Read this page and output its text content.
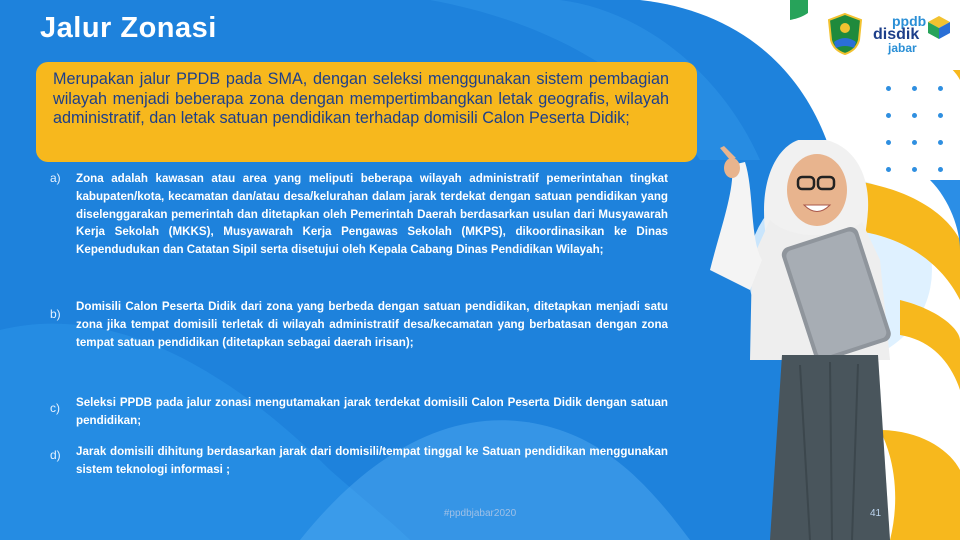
ppdb
disdik
jabar
Jalur Zonasi
Merupakan jalur PPDB pada SMA, dengan seleksi menggunakan sistem pembagian wilayah menjadi beberapa zona dengan mempertimbangkan letak geografis, wilayah administratif, dan letak satuan pendidikan terhadap domisili Calon Peserta Didik;
a) Zona adalah kawasan atau area yang meliputi beberapa wilayah administratif pemerintahan tingkat kabupaten/kota, kecamatan dan/atau desa/kelurahan dalam jarak terdekat dengan satuan pendidikan yang diselenggarakan pemerintah dan ditetapkan oleh Pemerintah Daerah berdasarkan usulan dari Musyawarah Kerja Sekolah (MKKS), Musyawarah Kerja Pengawas Sekolah (MKPS), dikoordinasikan ke Dinas Kependudukan dan Catatan Sipil serta disetujui oleh Kepala Cabang Dinas Pendidikan Wilayah;
b)
Domisili Calon Peserta Didik dari zona yang berbeda dengan satuan pendidikan, ditetapkan menjadi satu zona jika tempat domisili terletak di wilayah administratif desa/kecamatan yang berbatasan dengan zona tempat satuan pendidikan (ditetapkan sebagai daerah irisan);
c) Seleksi PPDB pada jalur zonasi mengutamakan jarak terdekat domisili Calon Peserta Didik dengan satuan pendidikan;
d) Jarak domisili dihitung berdasarkan jarak dari domisili/tempat tinggal ke Satuan pendidikan menggunakan sistem teknologi informasi ;
#ppdbjabar2020	41
